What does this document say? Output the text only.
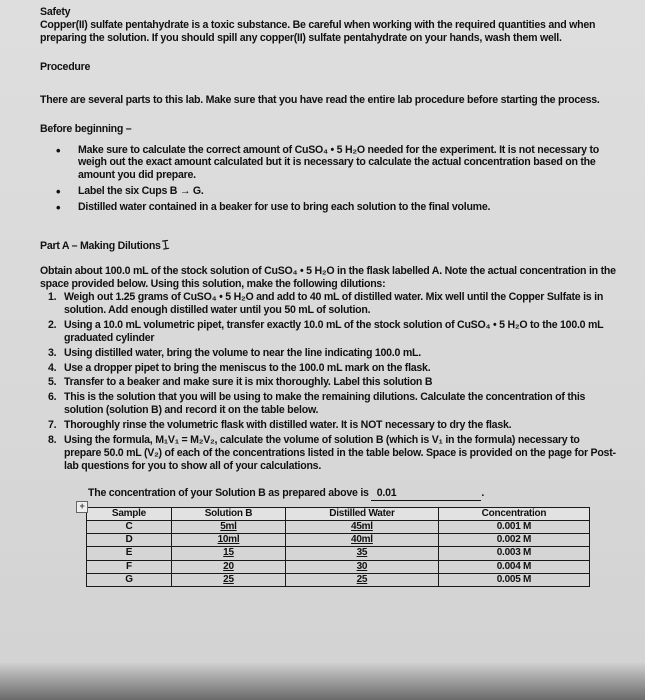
Safety

Copper(II) sulfate pentahydrate is a toxic substance. Be careful when working with the required quantities and when preparing the solution. If you should spill any copper(II) sulfate pentahydrate on your hands, wash them well.

Procedure

There are several parts to this lab. Make sure that you have read the entire lab procedure before starting the process.

Before beginning –

• Make sure to calculate the correct amount of CuSO₄ • 5 H₂O needed for the experiment. It is not necessary to weigh out the exact amount calculated but it is necessary to calculate the actual concentration based on the amount you did prepare.
• Label the six Cups B → G.
• Distilled water contained in a beaker for use to bring each solution to the final volume.

Part A – Making Dilutions𝙸

Obtain about 100.0 mL of the stock solution of CuSO₄ • 5 H₂O in the flask labelled A. Note the actual concentration in the space provided below. Using this solution, make the following dilutions:

1. Weigh out 1.25 grams of CuSO₄ • 5 H₂O and add to 40 mL of distilled water. Mix well until the Copper Sulfate is in solution. Add enough distilled water until you 50 mL of solution.
2. Using a 10.0 mL volumetric pipet, transfer exactly 10.0 mL of the stock solution of CuSO₄ • 5 H₂O to the 100.0 mL graduated cylinder
3. Using distilled water, bring the volume to near the line indicating 100.0 mL.
4. Use a dropper pipet to bring the meniscus to the 100.0 mL mark on the flask.
5. Transfer to a beaker and make sure it is mix thoroughly. Label this solution B
6. This is the solution that you will be using to make the remaining dilutions. Calculate the concentration of this solution (solution B) and record it on the table below.
7. Thoroughly rinse the volumetric flask with distilled water. It is NOT necessary to dry the flask.
8. Using the formula, M₁V₁ = M₂V₂, calculate the volume of solution B (which is V₁ in the formula) necessary to prepare 50.0 mL (V₂) of each of the concentrations listed in the table below. Space is provided on the page for Post-lab questions for you to show all of your calculations.

The concentration of your Solution B as prepared above is 0.01	.

+
Sample	Solution B	Distilled Water	Concentration
C	5ml	45ml	0.001 M
D	10ml	40ml	0.002 M
E	15	35	0.003 M
F	20	30	0.004 M
G	25	25	0.005 M
